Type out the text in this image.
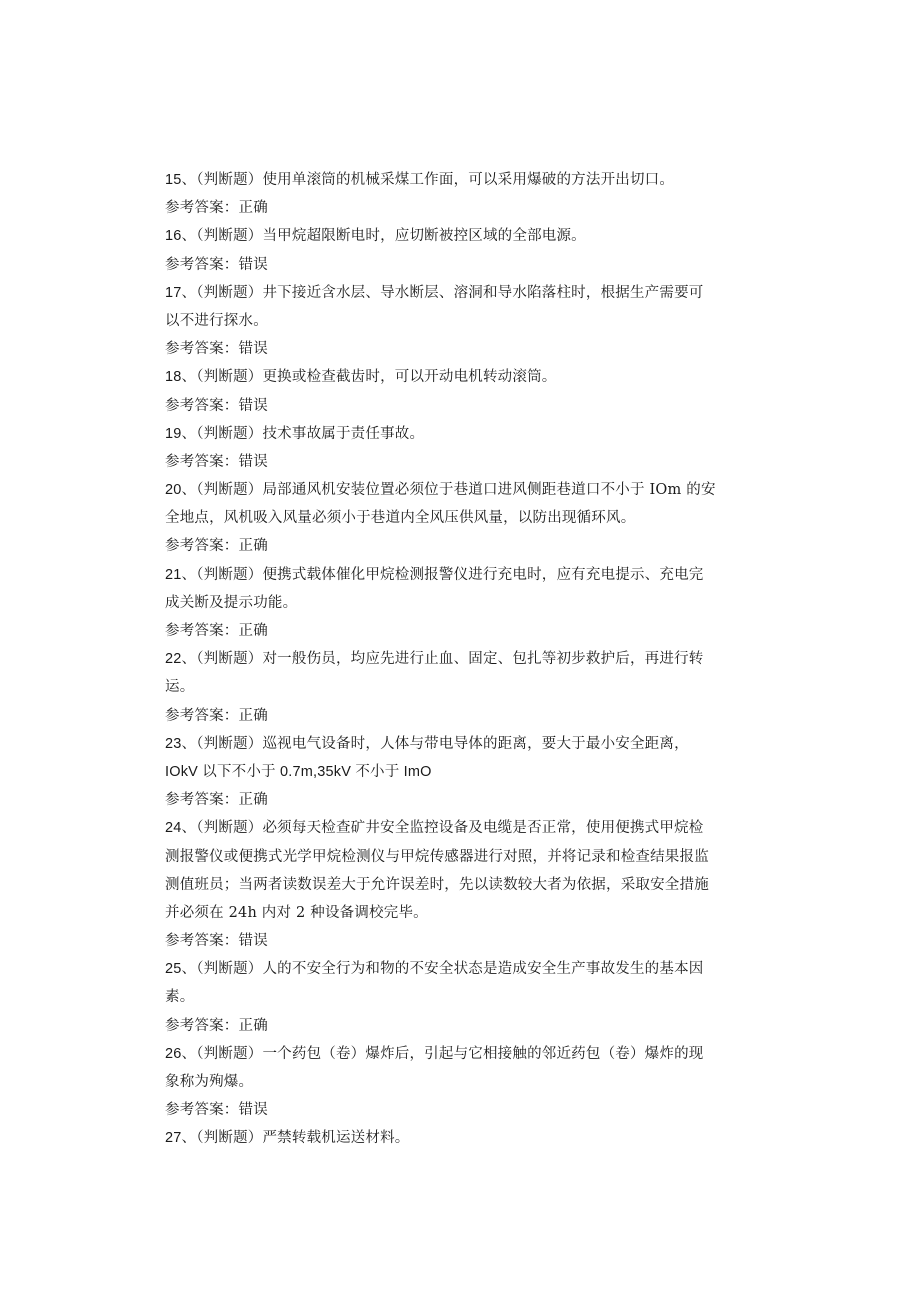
15、（判断题）使用单滚筒的机械采煤工作面，可以采用爆破的方法开出切口。
参考答案：正确
16、（判断题）当甲烷超限断电时，应切断被控区域的全部电源。
参考答案：错误
17、（判断题）井下接近含水层、导水断层、溶洞和导水陷落柱时，根据生产需要可
以不进行探水。
参考答案：错误
18、（判断题）更换或检查截齿时，可以开动电机转动滚筒。
参考答案：错误
19、（判断题）技术事故属于责任事故。
参考答案：错误
20、（判断题）局部通风机安装位置必须位于巷道口进风侧距巷道口不小于 IOm 的安
全地点，风机吸入风量必须小于巷道内全风压供风量，以防出现循环风。
参考答案：正确
21、（判断题）便携式载体催化甲烷检测报警仪进行充电时，应有充电提示、充电完
成关断及提示功能。
参考答案：正确
22、（判断题）对一般伤员，均应先进行止血、固定、包扎等初步救护后，再进行转
运。
参考答案：正确
23、（判断题）巡视电气设备时，人体与带电导体的距离，要大于最小安全距离，
IOkV 以下不小于 0.7m,35kV 不小于 ImO
参考答案：正确
24、（判断题）必须每天检查矿井安全监控设备及电缆是否正常，使用便携式甲烷检
测报警仪或便携式光学甲烷检测仪与甲烷传感器进行对照，并将记录和检查结果报监
测值班员；当两者读数误差大于允许误差时，先以读数较大者为依据，采取安全措施
并必须在 24h 内对 2 种设备调校完毕。
参考答案：错误
25、（判断题）人的不安全行为和物的不安全状态是造成安全生产事故发生的基本因
素。
参考答案：正确
26、（判断题）一个药包（卷）爆炸后，引起与它相接触的邻近药包（卷）爆炸的现
象称为殉爆。
参考答案：错误
27、（判断题）严禁转载机运送材料。
